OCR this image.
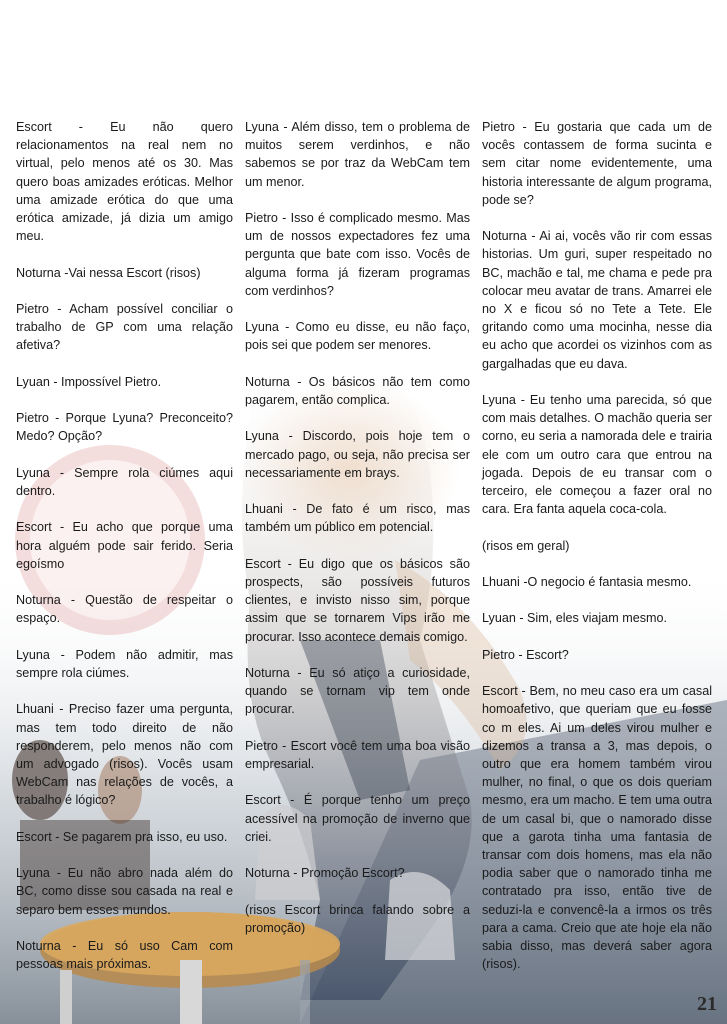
Escort - Eu não quero relacionamentos na real nem no virtual, pelo menos até os 30. Mas quero boas amizades eróticas. Melhor uma amizade erótica do que uma erótica amizade, já dizia um amigo meu.

Noturna -Vai nessa Escort (risos)

Pietro - Acham possível conciliar o trabalho de GP com uma relação afetiva?

Lyuan - Impossível Pietro.

Pietro - Porque Lyuna? Preconceito? Medo? Opção?

Lyuna - Sempre rola ciúmes aqui dentro.

Escort - Eu acho que porque uma hora alguém pode sair ferido. Seria egoísmo

Noturna - Questão de respeitar o espaço.

Lyuna - Podem não admitir, mas sempre rola ciúmes.

Lhuani - Preciso fazer uma pergunta, mas tem todo direito de não responderem, pelo menos não com um advogado (risos). Vocês usam WebCam nas relações de vocês, a trabalho é lógico?

Escort - Se pagarem pra isso, eu uso.

Lyuna - Eu não abro nada além do BC, como disse sou casada na real e separo bem esses mundos.

Noturna - Eu só uso Cam com pessoas mais próximas.

Lyuna - Além disso, tem o problema de muitos serem verdinhos, e não sabemos se por traz da WebCam tem um menor.

Pietro - Isso é complicado mesmo. Mas um de nossos expectadores fez uma pergunta que bate com isso. Vocês de alguma forma já fizeram programas com verdinhos?

Lyuna - Como eu disse, eu não faço, pois sei que podem ser menores.

Noturna - Os básicos não tem como pagarem, então complica.

Lyuna - Discordo, pois hoje tem o mercado pago, ou seja, não precisa ser necessariamente em brays.

Lhuani - De fato é um risco, mas também um público em potencial.

Escort - Eu digo que os básicos são prospects, são possíveis futuros clientes, e invisto nisso sim, porque assim que se tornarem Vips irão me procurar. Isso acontece demais comigo.

Noturna - Eu só atiço a curiosidade, quando se tornam vip tem onde procurar.

Pietro - Escort você tem uma boa visão empresarial.

Escort - É porque tenho um preço acessível na promoção de inverno que criei.

Noturna - Promoção Escort?

(risos Escort brinca falando sobre a promoção)

Pietro - Eu gostaria que cada um de vocês contassem de forma sucinta e sem citar nome evidentemente, uma historia interessante de algum programa, pode se?

Noturna - Ai ai, vocês vão rir com essas historias. Um guri, super respeitado no BC, machão e tal, me chama e pede pra colocar meu avatar de trans. Amarrei ele no X e ficou só no Tete a Tete. Ele gritando como uma mocinha, nesse dia eu acho que acordei os vizinhos com as gargalhadas que eu dava.

Lyuna - Eu tenho uma parecida, só que com mais detalhes. O machão queria ser corno, eu seria a namorada dele e trairia ele com um outro cara que entrou na jogada. Depois de eu transar com o terceiro, ele começou a fazer oral no cara. Era fanta aquela coca-cola.

(risos em geral)

Lhuani -O negocio é fantasia mesmo.

Lyuan - Sim, eles viajam mesmo.

Pietro - Escort?

Escort - Bem, no meu caso era um casal homoafetivo, que queriam que eu fosse co m eles. Ai um deles virou mulher e dizemos a transa a 3, mas depois, o outro que era homem também virou mulher, no final, o que os dois queriam mesmo, era um macho. E tem uma outra de um casal bi, que o namorado disse que a garota tinha uma fantasia de transar com dois homens, mas ela não podia saber que o namorado tinha me contratado pra isso, então tive de seduzi-la e convencê-la a irmos os três para a cama. Creio que ate hoje ela não sabia disso, mas deverá saber agora (risos).

21
